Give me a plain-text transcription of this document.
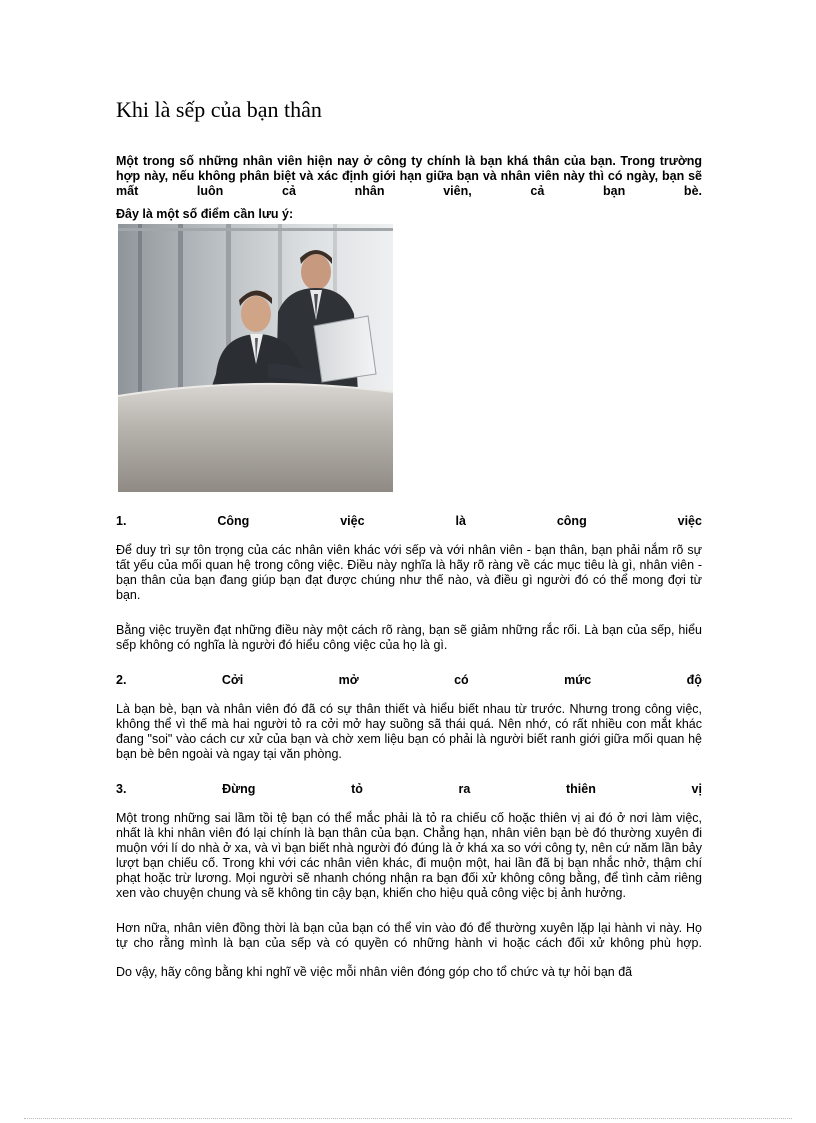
Khi là sếp của bạn thân

Một trong số những nhân viên hiện nay ở công ty chính là bạn khá thân của bạn. Trong trường hợp này, nếu không phân biệt và xác định giới hạn giữa bạn và nhân viên này thì có ngày, bạn sẽ mất luôn cả nhân viên, cả bạn bè.

Đây là một số điểm cần lưu ý:

1.	Công	việc	là	công	việc

Để duy trì sự tôn trọng của các nhân viên khác với sếp và với nhân viên - bạn thân, bạn phải nắm rõ sự tất yếu của mối quan hệ trong công việc. Điều này nghĩa là hãy rõ ràng về các mục tiêu là gì, nhân viên - bạn thân của bạn đang giúp bạn đạt được chúng như thế nào, và điều gì người đó có thể mong đợi từ bạn.

Bằng việc truyền đạt những điều này một cách rõ ràng, bạn sẽ giảm những rắc rối. Là bạn của sếp, hiểu sếp không có nghĩa là người đó hiểu công việc của họ là gì.

2.	Cởi	mở	có	mức	độ

Là bạn bè, bạn và nhân viên đó đã có sự thân thiết và hiểu biết nhau từ trước. Nhưng trong công việc, không thể vì thế mà hai người tỏ ra cởi mở hay suồng sã thái quá. Nên nhớ, có rất nhiều con mắt khác đang "soi" vào cách cư xử của bạn và chờ xem liệu bạn có phải là người biết ranh giới giữa mối quan hệ bạn bè bên ngoài và ngay tại văn phòng.

3.	Đừng	tỏ	ra	thiên	vị

Một trong những sai lầm tồi tệ bạn có thể mắc phải là tỏ ra chiếu cố hoặc thiên vị ai đó ở nơi làm việc, nhất là khi nhân viên đó lại chính là bạn thân của bạn. Chẳng hạn, nhân viên bạn bè đó thường xuyên đi muộn với lí do nhà ở xa, và vì bạn biết nhà người đó đúng là ở khá xa so với công ty, nên cứ năm lần bảy lượt bạn chiếu cố. Trong khi với các nhân viên khác, đi muộn một, hai lần đã bị bạn nhắc nhở, thậm chí phạt hoặc trừ lương. Mọi người sẽ nhanh chóng nhận ra bạn đối xử không công bằng, để tình cảm riêng xen vào chuyện chung và sẽ không tin cậy bạn, khiến cho hiệu quả công việc bị ảnh hưởng.

Hơn nữa, nhân viên đồng thời là bạn của bạn có thể vin vào đó để thường xuyên lặp lại hành vi này. Họ tự cho rằng mình là bạn của sếp và có quyền có những hành vi hoặc cách đối xử không phù hợp.

Do vậy, hãy công bằng khi nghĩ về việc mỗi nhân viên đóng góp cho tổ chức và tự hỏi bạn đã
